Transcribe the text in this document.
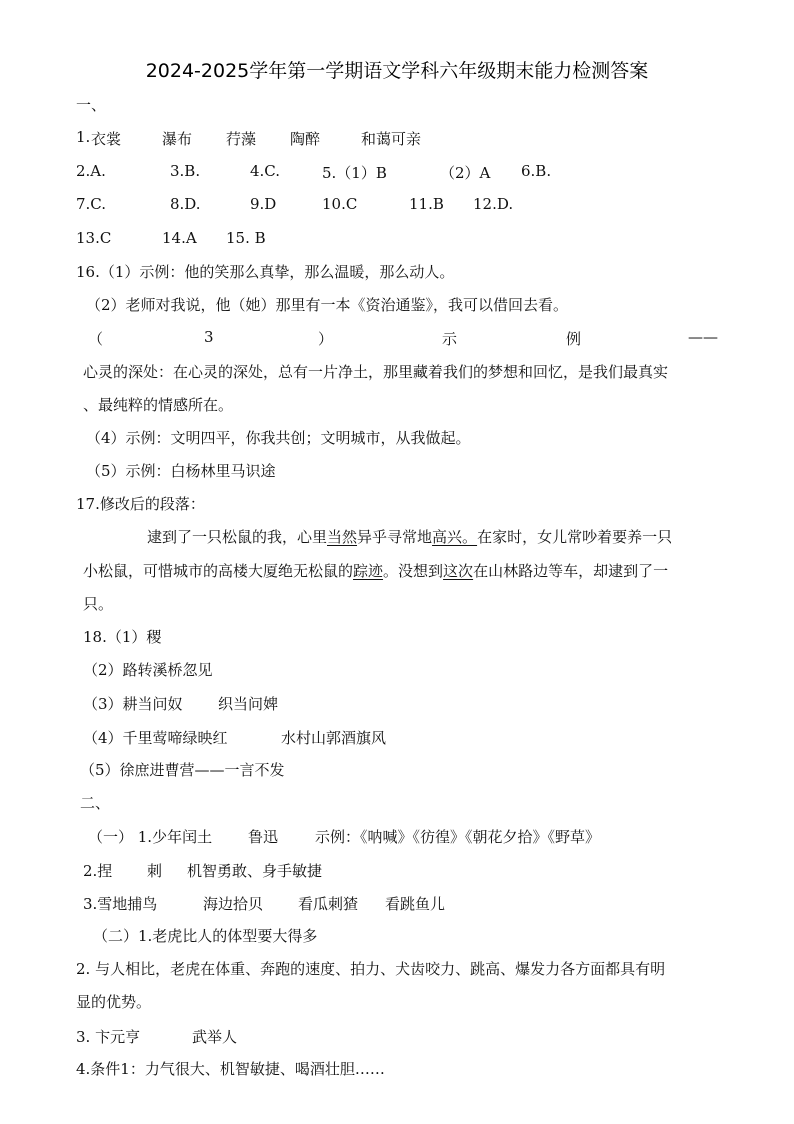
2024-2025学年第一学期语文学科六年级期末能力检测答案
一、
1. 衣裳	瀑布 荇藻 陶醉	和蔼可亲
2.A.	3.B.	4.C.	5.（1）B	（2）A 6.B.
7.C.	8.D.	9.D	10.C	11.B 12.D.
13.C	14.A 15. B
16.（1）示例：他的笑那么真挚，那么温暖，那么动人。
（2）老师对我说，他（她）那里有一本《资治通鉴》，我可以借回去看。
（	3	）	示	例	——
心灵的深处：在心灵的深处，总有一片净土，那里藏着我们的梦想和回忆，是我们最真实
、最纯粹的情感所在。
（4）示例：文明四平，你我共创；文明城市，从我做起。
（5）示例：白杨林里马识途
17.修改后的段落：
逮到了一只松鼠的我，心里当然异乎寻常地高兴。在家时，女儿常吵着要养一只
小松鼠，可惜城市的高楼大厦绝无松鼠的踪迹。没想到这次在山林路边等车，却逮到了一
只。
18.（1）稷
（2）路转溪桥忽见
（3）耕当问奴 织当问婢
（4）千里莺啼绿映红	水村山郭酒旗风
（5）徐庶进曹营——一言不发
二、
（一） 1.少年闰土 鲁迅 示例：《呐喊》《彷徨》《朝花夕拾》《野草》
2.捏 刺 机智勇敢、身手敏捷
3.雪地捕鸟	海边拾贝 看瓜刺猹 看跳鱼儿
（二）1.老虎比人的体型要大得多
2. 与人相比，老虎在体重、奔跑的速度、拍力、犬齿咬力、跳高、爆发力各方面都具有明
显的优势。
3. 卞元亨	武举人
4.条件1：力气很大、机智敏捷、喝酒壮胆……
